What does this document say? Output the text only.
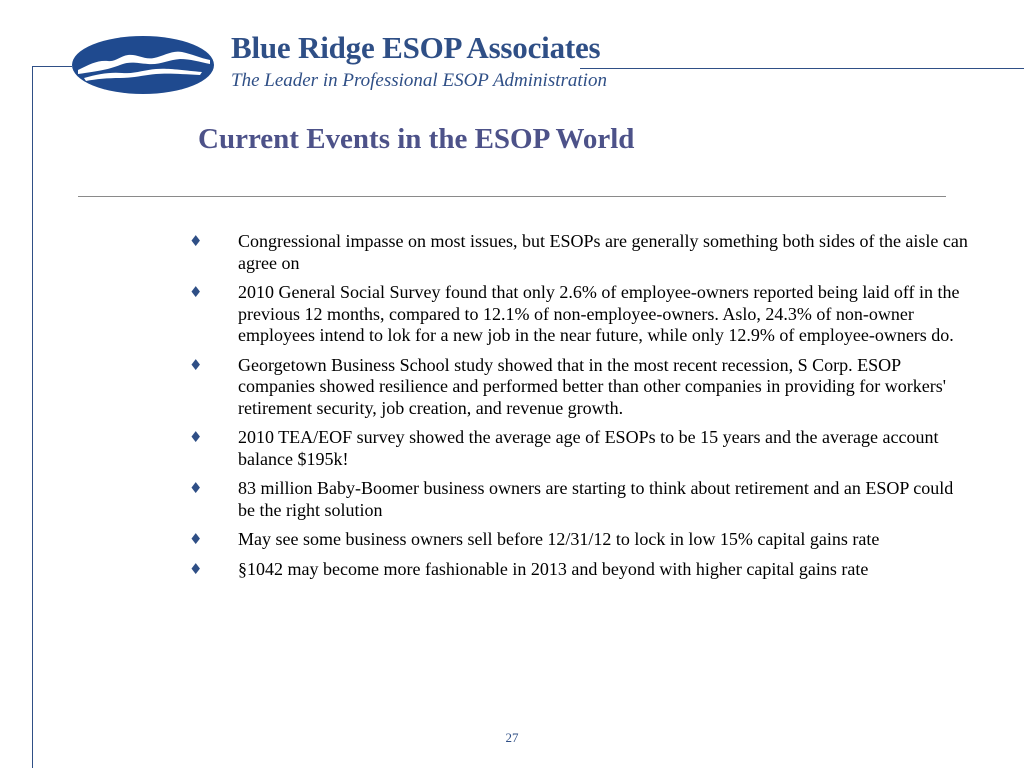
Blue Ridge ESOP Associates

The Leader in Professional ESOP Administration

Current Events in the ESOP World
♦ Congressional impasse on most issues, but ESOPs are generally something both sides of the aisle can agree on
♦ 2010 General Social Survey found that only 2.6% of employee-owners reported being laid off in the previous 12 months, compared to 12.1% of non-employee-owners. Aslo, 24.3% of non-owner employees intend to lok for a new job in the near future, while only 12.9% of employee-owners do.
♦ Georgetown Business School study showed that in the most recent recession, S Corp. ESOP companies showed resilience and performed better than other companies in providing for workers' retirement security, job creation, and revenue growth.
♦ 2010 TEA/EOF survey showed the average age of ESOPs to be 15 years and the average account balance $195k!
♦ 83 million Baby-Boomer business owners are starting to think about retirement and an ESOP could be the right solution
♦ May see some business owners sell before 12/31/12 to lock in low 15% capital gains rate
♦ §1042 may become more fashionable in 2013 and beyond with higher capital gains rate
27
